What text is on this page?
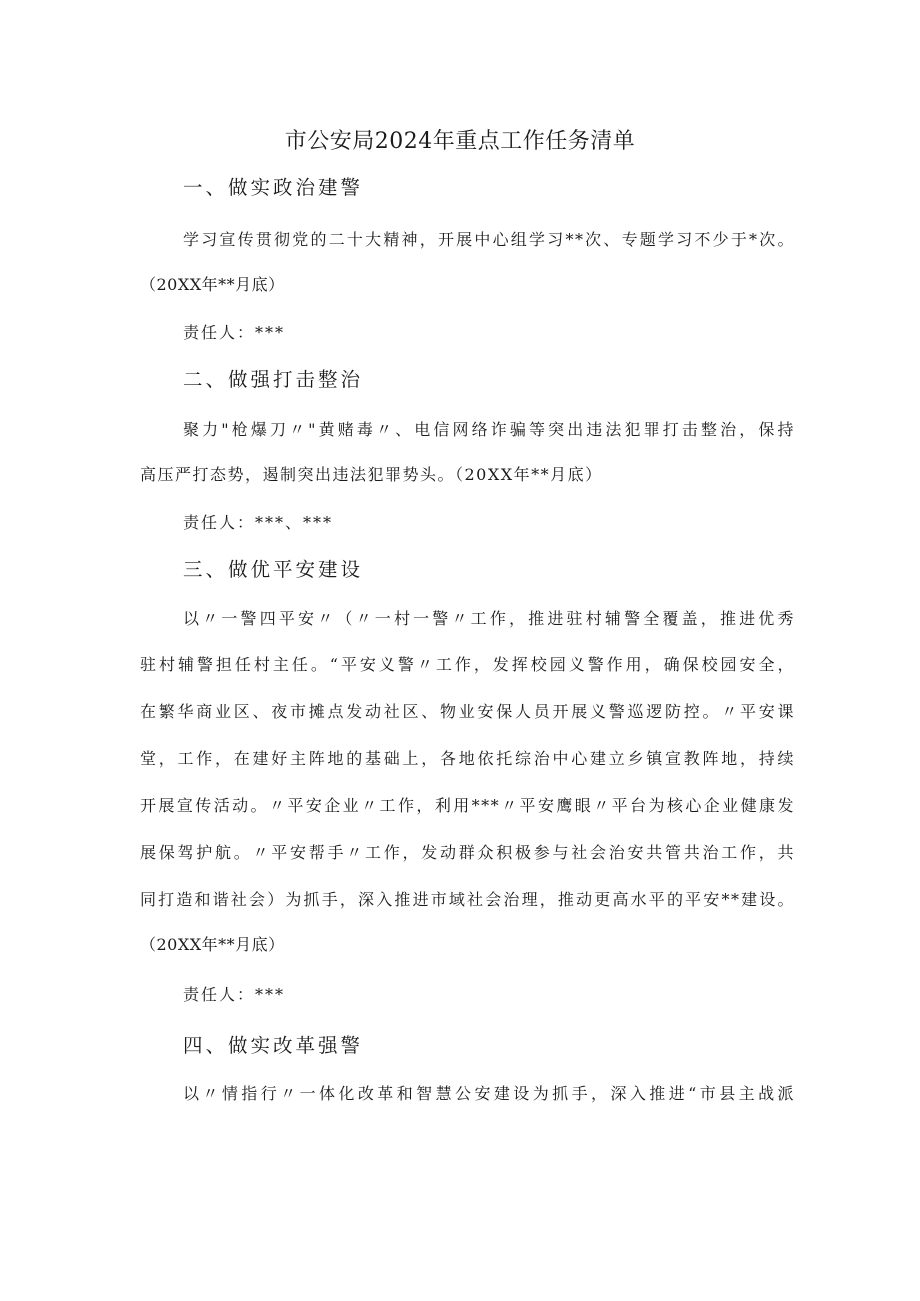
市公安局2024年重点工作任务清单
一、做实政治建警
学习宣传贯彻党的二十大精神，开展中心组学习**次、专题学习不少于*次。
（20XX年**月底）
责任人：***
二、做强打击整治
聚力"枪爆刀〃"黄赌毒〃、电信网络诈骗等突出违法犯罪打击整治，保持
高压严打态势，遏制突出违法犯罪势头。（20XX年**月底）
责任人：***、***
三、做优平安建设
以〃一警四平安〃（〃一村一警〃工作，推进驻村辅警全覆盖，推进优秀
驻村辅警担任村主任。“平安义警〃工作，发挥校园义警作用，确保校园安全，
在繁华商业区、夜市摊点发动社区、物业安保人员开展义警巡逻防控。〃平安课
堂，工作，在建好主阵地的基础上，各地依托综治中心建立乡镇宣教阵地，持续
开展宣传活动。〃平安企业〃工作，利用***〃平安鹰眼〃平台为核心企业健康发
展保驾护航。〃平安帮手〃工作，发动群众积极参与社会治安共管共治工作，共
同打造和谐社会）为抓手，深入推进市域社会治理，推动更高水平的平安**建设。
（20XX年**月底）
责任人：***
四、做实改革强警
以〃情指行〃一体化改革和智慧公安建设为抓手，深入推进“市县主战派
